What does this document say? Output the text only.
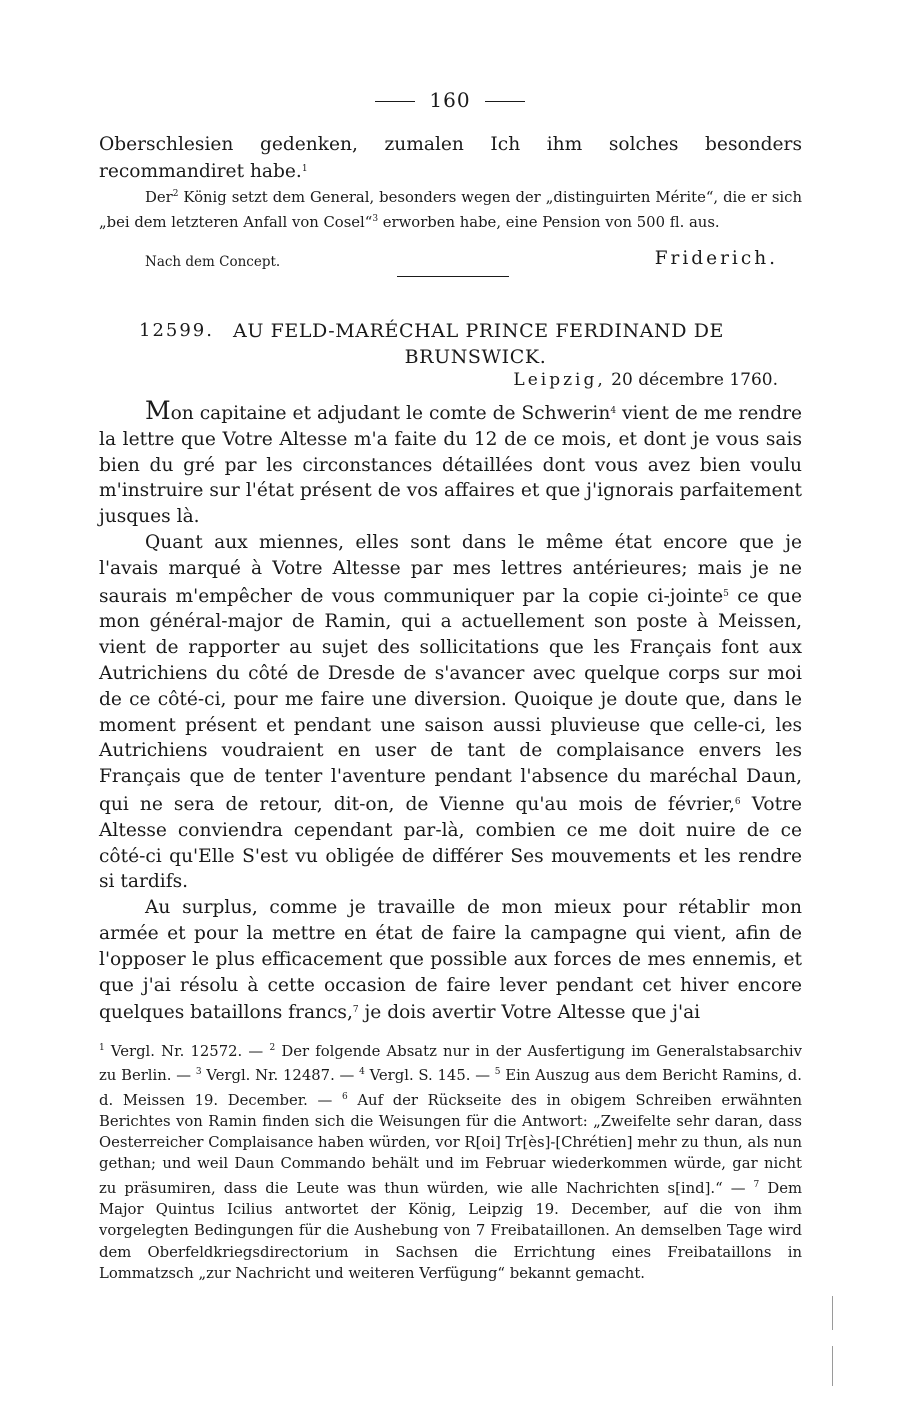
160
Oberschlesien gedenken, zumalen Ich ihm solches besonders recommandiret habe.$^1$
Der$^2$ König setzt dem General, besonders wegen der „distinguirten Mérite“, die er sich „bei dem letzteren Anfall von Cosel“$^3$ erworben habe, eine Pension von 500 fl. aus.
Nach dem Concept.	Friderich.
12599. AU FELD-MARÉCHAL PRINCE FERDINAND DE
BRUNSWICK.
Leipzig, 20 décembre 1760.

Mon capitaine et adjudant le comte de Schwerin$^4$ vient de me rendre la lettre que Votre Altesse m'a faite du 12 de ce mois, et dont je vous sais bien du gré par les circonstances détaillées dont vous avez bien voulu m'instruire sur l'état présent de vos affaires et que j'ignorais parfaitement jusques là.

Quant aux miennes, elles sont dans le même état encore que je l'avais marqué à Votre Altesse par mes lettres antérieures; mais je ne saurais m'empêcher de vous communiquer par la copie ci-jointe$^5$ ce que mon général-major de Ramin, qui a actuellement son poste à Meissen, vient de rapporter au sujet des sollicitations que les Français font aux Autrichiens du côté de Dresde de s'avancer avec quelque corps sur moi de ce côté-ci, pour me faire une diversion. Quoique je doute que, dans le moment présent et pendant une saison aussi pluvieuse que celle-ci, les Autrichiens voudraient en user de tant de complaisance envers les Français que de tenter l'aventure pendant l'absence du maréchal Daun, qui ne sera de retour, dit-on, de Vienne qu'au mois de février,$^6$ Votre Altesse conviendra cependant par-là, combien ce me doit nuire de ce côté-ci qu'Elle S'est vu obligée de différer Ses mouvements et les rendre si tardifs.

Au surplus, comme je travaille de mon mieux pour rétablir mon armée et pour la mettre en état de faire la campagne qui vient, afin de l'opposer le plus efficacement que possible aux forces de mes ennemis, et que j'ai résolu à cette occasion de faire lever pendant cet hiver encore quelques bataillons francs,$^7$ je dois avertir Votre Altesse que j'ai

$^1$ Vergl. Nr. 12572. — $^2$ Der folgende Absatz nur in der Ausfertigung im Generalstabsarchiv zu Berlin. — $^3$ Vergl. Nr. 12487. — $^4$ Vergl. S. 145. — $^5$ Ein Auszug aus dem Bericht Ramins, d. d. Meissen 19. December. — $^6$ Auf der Rückseite des in obigem Schreiben erwähnten Berichtes von Ramin finden sich die Weisungen für die Antwort: „Zweifelte sehr daran, dass Oesterreicher Complaisance haben würden, vor R[oi] Tr[ès]-[Chrétien] mehr zu thun, als nun gethan; und weil Daun Commando behält und im Februar wiederkommen würde, gar nicht zu präsumiren, dass die Leute was thun würden, wie alle Nachrichten s[ind].“ — $^7$ Dem Major Quintus Icilius antwortet der König, Leipzig 19. December, auf die von ihm vorgelegten Bedingungen für die Aushebung von 7 Freibataillonen. An demselben Tage wird dem Oberfeldkriegsdirectorium in Sachsen die Errichtung eines Freibataillons in Lommatzsch „zur Nachricht und weiteren Verfügung“ bekannt gemacht.
